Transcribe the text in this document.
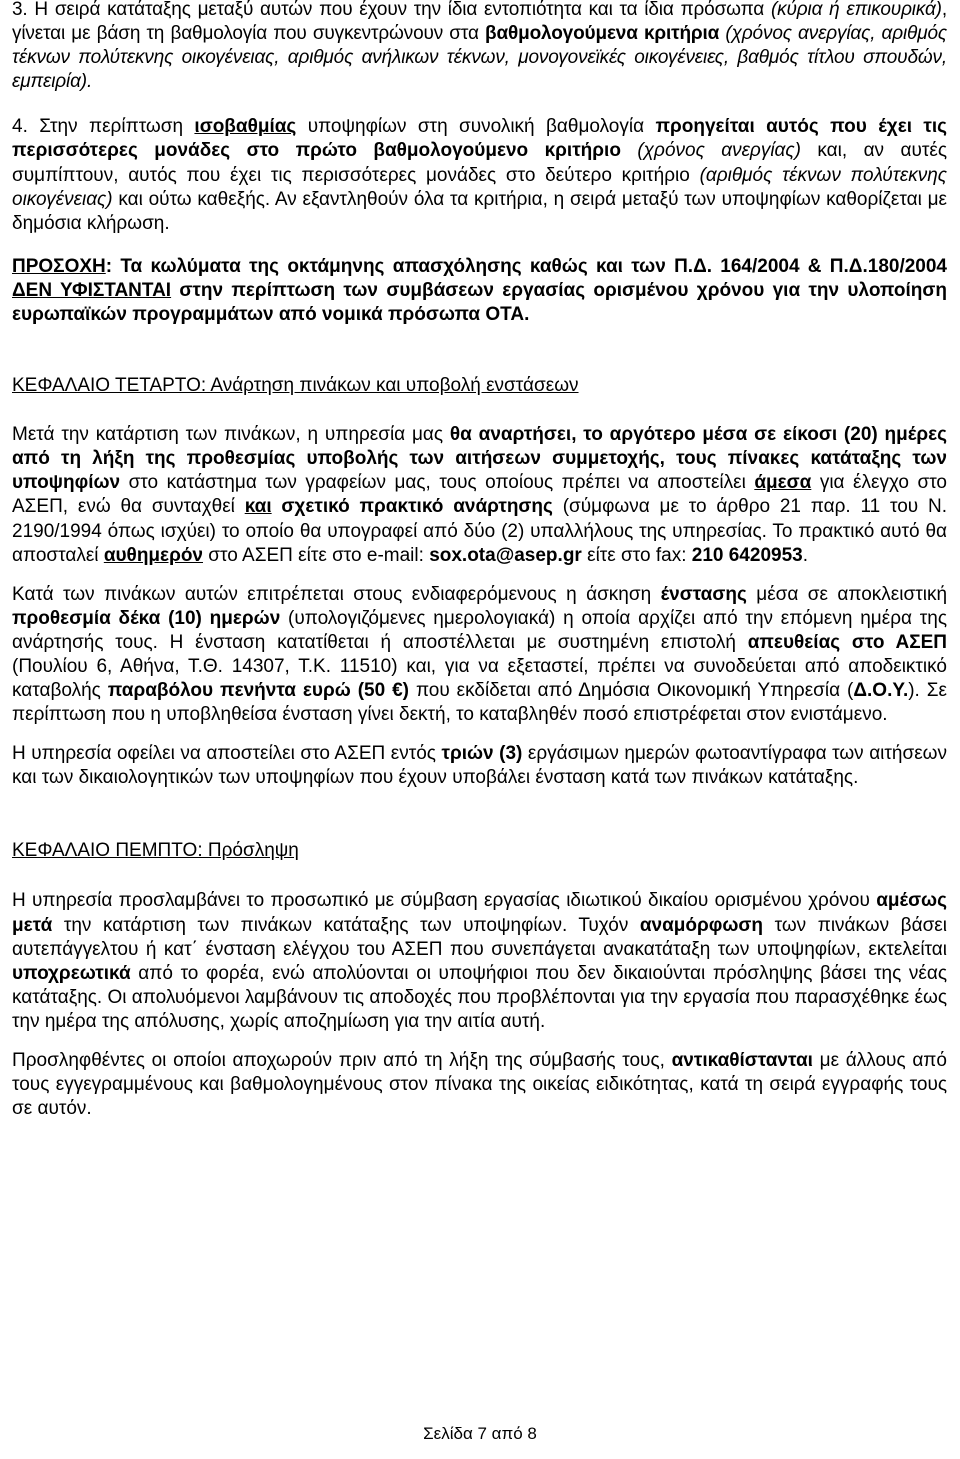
3. Η σειρά κατάταξης μεταξύ αυτών που έχουν την ίδια εντοπιότητα και τα ίδια πρόσωπα (κύρια ή επικουρικά), γίνεται με βάση τη βαθμολογία που συγκεντρώνουν στα βαθμολογούμενα κριτήρια (χρόνος ανεργίας, αριθμός τέκνων πολύτεκνης οικογένειας, αριθμός ανήλικων τέκνων, μονογονεϊκές οικογένειες, βαθμός τίτλου σπουδών, εμπειρία).

4. Στην περίπτωση ισοβαθμίας υποψηφίων στη συνολική βαθμολογία προηγείται αυτός που έχει τις περισσότερες μονάδες στο πρώτο βαθμολογούμενο κριτήριο (χρόνος ανεργίας) και, αν αυτές συμπίπτουν, αυτός που έχει τις περισσότερες μονάδες στο δεύτερο κριτήριο (αριθμός τέκνων πολύτεκνης οικογένειας) και ούτω καθεξής. Αν εξαντληθούν όλα τα κριτήρια, η σειρά μεταξύ των υποψηφίων καθορίζεται με δημόσια κλήρωση.

ΠΡΟΣΟΧΗ: Τα κωλύματα της οκτάμηνης απασχόλησης καθώς και των Π.Δ. 164/2004 & Π.Δ.180/2004 ΔΕΝ ΥΦΙΣΤΑΝΤΑΙ στην περίπτωση των συμβάσεων εργασίας ορισμένου χρόνου για την υλοποίηση ευρωπαϊκών προγραμμάτων από νομικά πρόσωπα ΟΤΑ.

ΚΕΦΑΛΑΙΟ ΤΕΤΑΡΤΟ: Ανάρτηση πινάκων και υποβολή ενστάσεων

Μετά την κατάρτιση των πινάκων, η υπηρεσία μας θα αναρτήσει, το αργότερο μέσα σε είκοσι (20) ημέρες από τη λήξη της προθεσμίας υποβολής των αιτήσεων συμμετοχής, τους πίνακες κατάταξης των υποψηφίων στο κατάστημα των γραφείων μας, τους οποίους πρέπει να αποστείλει άμεσα για έλεγχο στο ΑΣΕΠ, ενώ θα συνταχθεί και σχετικό πρακτικό ανάρτησης (σύμφωνα με το άρθρο 21 παρ. 11 του Ν. 2190/1994 όπως ισχύει) το οποίο θα υπογραφεί από δύο (2) υπαλλήλους της υπηρεσίας. Το πρακτικό αυτό θα αποσταλεί αυθημερόν στο ΑΣΕΠ είτε στο e-mail: sox.ota@asep.gr είτε στο fax: 210 6420953.

Κατά των πινάκων αυτών επιτρέπεται στους ενδιαφερόμενους η άσκηση ένστασης μέσα σε αποκλειστική προθεσμία δέκα (10) ημερών (υπολογιζόμενες ημερολογιακά) η οποία αρχίζει από την επόμενη ημέρα της ανάρτησής τους. Η ένσταση κατατίθεται ή αποστέλλεται με συστημένη επιστολή απευθείας στο ΑΣΕΠ (Πουλίου 6, Αθήνα, Τ.Θ. 14307, Τ.Κ. 11510) και, για να εξεταστεί, πρέπει να συνοδεύεται από αποδεικτικό καταβολής παραβόλου πενήντα ευρώ (50 €) που εκδίδεται από Δημόσια Οικονομική Υπηρεσία (Δ.Ο.Υ.). Σε περίπτωση που η υποβληθείσα ένσταση γίνει δεκτή, το καταβληθέν ποσό επιστρέφεται στον ενιστάμενο.

Η υπηρεσία οφείλει να αποστείλει στο ΑΣΕΠ εντός τριών (3) εργάσιμων ημερών φωτοαντίγραφα των αιτήσεων και των δικαιολογητικών των υποψηφίων που έχουν υποβάλει ένσταση κατά των πινάκων κατάταξης.

ΚΕΦΑΛΑΙΟ ΠΕΜΠΤΟ: Πρόσληψη

Η υπηρεσία προσλαμβάνει το προσωπικό με σύμβαση εργασίας ιδιωτικού δικαίου ορισμένου χρόνου αμέσως μετά την κατάρτιση των πινάκων κατάταξης των υποψηφίων. Τυχόν αναμόρφωση των πινάκων βάσει αυτεπάγγελτου ή κατ΄ ένσταση ελέγχου του ΑΣΕΠ που συνεπάγεται ανακατάταξη των υποψηφίων, εκτελείται υποχρεωτικά από το φορέα, ενώ απολύονται οι υποψήφιοι που δεν δικαιούνται πρόσληψης βάσει της νέας κατάταξης. Οι απολυόμενοι λαμβάνουν τις αποδοχές που προβλέπονται για την εργασία που παρασχέθηκε έως την ημέρα της απόλυσης, χωρίς αποζημίωση για την αιτία αυτή.

Προσληφθέντες οι οποίοι αποχωρούν πριν από τη λήξη της σύμβασής τους, αντικαθίστανται με άλλους από τους εγγεγραμμένους και βαθμολογημένους στον πίνακα της οικείας ειδικότητας, κατά τη σειρά εγγραφής τους σε αυτόν.

Σελίδα 7 από 8
